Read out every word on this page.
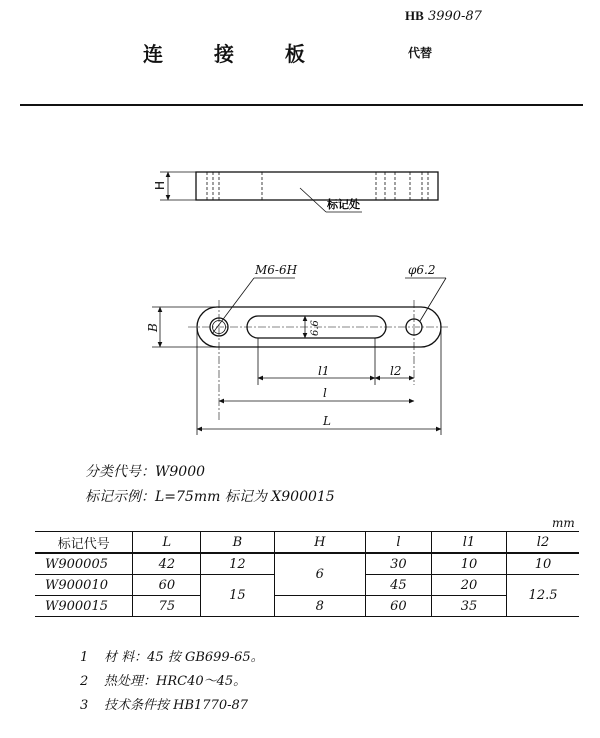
HB 3990-87
连 接 板	代替
H
标记处
M6-6H	φ6.2
B	6.6
l1	l2
l
L
分类代号：W9000
标记示例：L=75mm 标记为 X900015
mm
标记代号	L	B	H	l	l1	l2
W900005	42	12	6	30	10	10
W900010	60	15		45	20	12.5
W900015	75		8	60	35	
1 材 料：45 按 GB699-65。
2 热处理：HRC40～45。
3 技术条件按 HB1770-87
